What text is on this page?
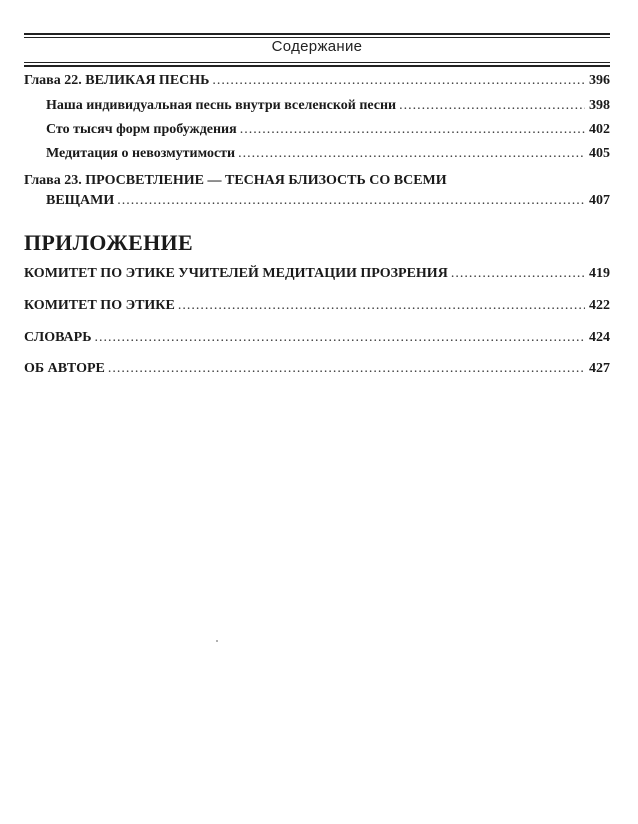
Содержание
Глава 22. ВЕЛИКАЯ ПЕСНЬ .....	396
Наша индивидуальная песнь внутри вселенской песни .....	398
Сто тысяч форм пробуждения .....	402
Медитация о невозмутимости .....	405
Глава 23. ПРОСВЕТЛЕНИЕ — ТЕСНАЯ БЛИЗОСТЬ СО ВСЕМИ
ВЕЩАМИ .....	407
ПРИЛОЖЕНИЕ
КОМИТЕТ ПО ЭТИКЕ УЧИТЕЛЕЙ МЕДИТАЦИИ ПРОЗРЕНИЯ .....	419
КОМИТЕТ ПО ЭТИКЕ .....	422
СЛОВАРЬ .....	424
ОБ АВТОРЕ .....	427
